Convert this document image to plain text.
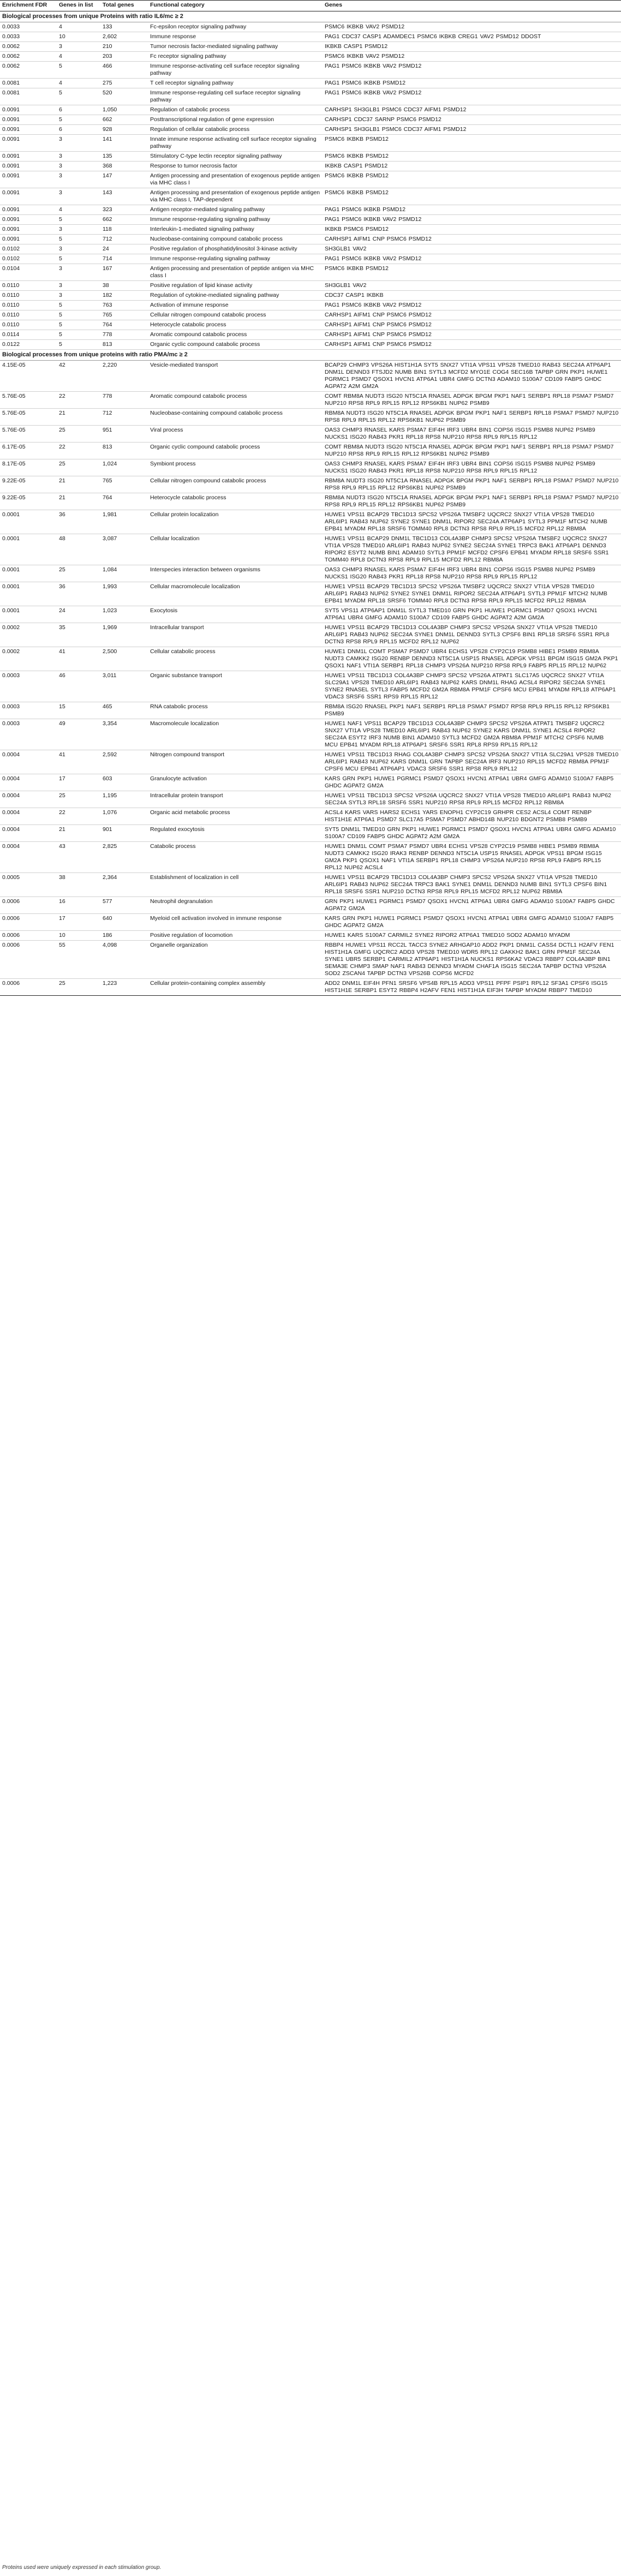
Enrichment FDR	Genes in list	Total genes	Functional category	Genes
Biological processes from unique Proteins with ratio IL6/mc ≥ 2				
0.0033	4	133	Fc-epsilon receptor signaling pathway	PSMC6 IKBKB VAV2 PSMD12
0.0033	10	2,602	Immune response	PAG1 CDC37 CASP1 ADAMDEC1 PSMC6 IKBKB CREG1 VAV2 PSMD12 DDOST
0.0062	3	210	Tumor necrosis factor-mediated signaling pathway	IKBKB CASP1 PSMD12
0.0062	4	203	Fc receptor signaling pathway	PSMC6 IKBKB VAV2 PSMD12
0.0062	5	466	Immune response-activating cell surface receptor signaling pathway	PAG1 PSMC6 IKBKB VAV2 PSMD12
0.0081	4	275	T cell receptor signaling pathway	PAG1 PSMC6 IKBKB PSMD12
0.0081	5	520	Immune response-regulating cell surface receptor signaling pathway	PAG1 PSMC6 IKBKB VAV2 PSMD12
0.0091	6	1,050	Regulation of catabolic process	CARHSP1 SH3GLB1 PSMC6 CDC37 AIFM1 PSMD12
0.0091	5	662	Posttranscriptional regulation of gene expression	CARHSP1 CDC37 SARNP PSMC6 PSMD12
0.0091	6	928	Regulation of cellular catabolic process	CARHSP1 SH3GLB1 PSMC6 CDC37 AIFM1 PSMD12
0.0091	3	141	Innate immune response activating cell surface receptor signaling pathway	PSMC6 IKBKB PSMD12
0.0091	3	135	Stimulatory C-type lectin receptor signaling pathway	PSMC6 IKBKB PSMD12
0.0091	3	368	Response to tumor necrosis factor	IKBKB CASP1 PSMD12
0.0091	3	147	Antigen processing and presentation of exogenous peptide antigen via MHC class I	PSMC6 IKBKB PSMD12
0.0091	3	143	Antigen processing and presentation of exogenous peptide antigen via MHC class I, TAP-dependent	PSMC6 IKBKB PSMD12
0.0091	4	323	Antigen receptor-mediated signaling pathway	PAG1 PSMC6 IKBKB PSMD12
0.0091	5	662	Immune response-regulating signaling pathway	PAG1 PSMC6 IKBKB VAV2 PSMD12
0.0091	3	118	Interleukin-1-mediated signaling pathway	IKBKB PSMC6 PSMD12
0.0091	5	712	Nucleobase-containing compound catabolic process	CARHSP1 AIFM1 CNP PSMC6 PSMD12
0.0102	3	24	Positive regulation of phosphatidylinositol 3-kinase activity	SH3GLB1 VAV2
0.0102	5	714	Immune response-regulating signaling pathway	PAG1 PSMC6 IKBKB VAV2 PSMD12
0.0104	3	167	Antigen processing and presentation of peptide antigen via MHC class I	PSMC6 IKBKB PSMD12
0.0110	3	38	Positive regulation of lipid kinase activity	SH3GLB1 VAV2
0.0110	3	182	Regulation of cytokine-mediated signaling pathway	CDC37 CASP1 IKBKB
0.0110	5	763	Activation of immune response	PAG1 PSMC6 IKBKB VAV2 PSMD12
0.0110	5	765	Cellular nitrogen compound catabolic process	CARHSP1 AIFM1 CNP PSMC6 PSMD12
0.0110	5	764	Heterocycle catabolic process	CARHSP1 AIFM1 CNP PSMC6 PSMD12
0.0114	5	778	Aromatic compound catabolic process	CARHSP1 AIFM1 CNP PSMC6 PSMD12
0.0122	5	813	Organic cyclic compound catabolic process	CARHSP1 AIFM1 CNP PSMC6 PSMD12
Biological processes from unique proteins with ratio PMA/mc ≥ 2				
4.15E-05	42	2,220	Vesicle-mediated transport	BCAP29 CHMP3 VPS26A HIST1H1A SYT5 SNX27 VTI1A VPS11 VPS28 TMED10 RAB43 SEC24A ATP6AP1 DNM1L DENND3 FTSJD2 NUMB BIN1 SYTL3 MCFD2 MYO1E COG4 SEC16B TAPBP GRN PKP1 HUWE1 PGRMC1 PSMD7 QSOX1 HVCN1 ATP6A1 UBR4 GMFG DCTN3 ADAM10 S100A7 CD109 FABP5 GHDC AGPAT2 A2M GM2A
5.76E-05	22	778	Aromatic compound catabolic process	COMT RBM8A NUDT3 ISG20 NT5C1A RNASEL ADPGK BPGM PKP1 NAF1 SERBP1 RPL18 PSMA7 PSMD7 NUP210 RPS8 RPL9 RPL15 RPL12 RPS6KB1 NUP62 PSMB9
5.76E-05	21	712	Nucleobase-containing compound catabolic process	RBM8A NUDT3 ISG20 NT5C1A RNASEL ADPGK BPGM PKP1 NAF1 SERBP1 RPL18 PSMA7 PSMD7 NUP210 RPS8 RPL9 RPL15 RPL12 RPS6KB1 NUP62 PSMB9
5.76E-05	25	951	Viral process	OAS3 CHMP3 RNASEL KARS PSMA7 EIF4H IRF3 UBR4 BIN1 COPS6 ISG15 PSMB8 NUP62 PSMB9 NUCKS1 ISG20 RAB43 PKR1 RPL18 RPS8 NUP210 RPS8 RPL9 RPL15 RPL12
6.17E-05	22	813	Organic cyclic compound catabolic process	COMT RBM8A NUDT3 ISG20 NT5C1A RNASEL ADPGK BPGM PKP1 NAF1 SERBP1 RPL18 PSMA7 PSMD7 NUP210 RPS8 RPL9 RPL15 RPL12 RPS6KB1 NUP62 PSMB9
8.17E-05	25	1,024	Symbiont process	OAS3 CHMP3 RNASEL KARS PSMA7 EIF4H IRF3 UBR4 BIN1 COPS6 ISG15 PSMB8 NUP62 PSMB9 NUCKS1 ISG20 RAB43 PKR1 RPL18 RPS8 NUP210 RPS8 RPL9 RPL15 RPL12
9.22E-05	21	765	Cellular nitrogen compound catabolic process	RBM8A NUDT3 ISG20 NT5C1A RNASEL ADPGK BPGM PKP1 NAF1 SERBP1 RPL18 PSMA7 PSMD7 NUP210 RPS8 RPL9 RPL15 RPL12 RPS6KB1 NUP62 PSMB9
9.22E-05	21	764	Heterocycle catabolic process	RBM8A NUDT3 ISG20 NT5C1A RNASEL ADPGK BPGM PKP1 NAF1 SERBP1 RPL18 PSMA7 PSMD7 NUP210 RPS8 RPL9 RPL15 RPL12 RPS6KB1 NUP62 PSMB9
0.0001	36	1,981	Cellular protein localization	HUWE1 VPS11 BCAP29 TBC1D13 SPCS2 VPS26A TMSBF2 UQCRC2 SNX27 VTI1A VPS28 TMED10 ARL6IP1 RAB43 NUP62 SYNE2 SYNE1 DNM1L RIPOR2 SEC24A ATP6AP1 SYTL3 PPM1F MTCH2 NUMB EPB41 MYADM RPL18 SRSF6 TOMM40 RPL8 DCTN3 RPS8 RPL9 RPL15 MCFD2 RPL12 RBM8A
0.0001	48	3,087	Cellular localization	HUWE1 VPS11 BCAP29 DNM1L TBC1D13 COL4A3BP CHMP3 SPCS2 VPS26A TMSBF2 UQCRC2 SNX27 VTI1A VPS28 TMED10 ARL6IP1 RAB43 NUP62 SYNE2 SEC24A SYNE1 TRPC3 BAK1 ATP6AP1 DENND3 RIPOR2 ESYT2 NUMB BIN1 ADAM10 SYTL3 PPM1F MCFD2 CPSF6 EPB41 MYADM RPL18 SRSF6 SSR1 TOMM40 RPL8 DCTN3 RPS8 RPL9 RPL15 MCFD2 RPL12 RBM8A
0.0001	25	1,084	Interspecies interaction between organisms	OAS3 CHMP3 RNASEL KARS PSMA7 EIF4H IRF3 UBR4 BIN1 COPS6 ISG15 PSMB8 NUP62 PSMB9 NUCKS1 ISG20 RAB43 PKR1 RPL18 RPS8 NUP210 RPS8 RPL9 RPL15 RPL12
0.0001	36	1,993	Cellular macromolecule localization	HUWE1 VPS11 BCAP29 TBC1D13 SPCS2 VPS26A TMSBF2 UQCRC2 SNX27 VTI1A VPS28 TMED10 ARL6IP1 RAB43 NUP62 SYNE2 SYNE1 DNM1L RIPOR2 SEC24A ATP6AP1 SYTL3 PPM1F MTCH2 NUMB EPB41 MYADM RPL18 SRSF6 TOMM40 RPL8 DCTN3 RPS8 RPL9 RPL15 MCFD2 RPL12 RBM8A
0.0001	24	1,023	Exocytosis	SYT5 VPS11 ATP6AP1 DNM1L SYTL3 TMED10 GRN PKP1 HUWE1 PGRMC1 PSMD7 QSOX1 HVCN1 ATP6A1 UBR4 GMFG ADAM10 S100A7 CD109 FABP5 GHDC AGPAT2 A2M GM2A
0.0002	35	1,969	Intracellular transport	HUWE1 VPS11 BCAP29 TBC1D13 COL4A3BP CHMP3 SPCS2 VPS26A SNX27 VTI1A VPS28 TMED10 ARL6IP1 RAB43 NUP62 SEC24A SYNE1 DNM1L DENND3 SYTL3 CPSF6 BIN1 RPL18 SRSF6 SSR1 RPL8 DCTN3 RPS8 RPL9 RPL15 MCFD2 RPL12 NUP62
0.0002	41	2,500	Cellular catabolic process	HUWE1 DNM1L COMT PSMA7 PSMD7 UBR4 ECHS1 VPS28 CYP2C19 PSMB8 HIBE1 PSMB9 RBM8A NUDT3 CAMKK2 ISG20 RENBP DENND3 NT5C1A USP15 RNASEL ADPGK VPS11 BPGM ISG15 GM2A PKP1 QSOX1 NAF1 VTI1A SERBP1 RPL18 CHMP3 VPS26A NUP210 RPS8 RPL9 FABP5 RPL15 RPL12 NUP62
0.0003	46	3,011	Organic substance transport	HUWE1 VPS11 TBC1D13 COL4A3BP CHMP3 SPCS2 VPS26A ATPAT1 SLC17A5 UQCRC2 SNX27 VTI1A SLC29A1 VPS28 TMED10 ARL6IP1 RAB43 NUP62 KARS DNM1L RHAG ACSL4 RIPOR2 SEC24A SYNE1 SYNE2 RNASEL SYTL3 FABP5 MCFD2 GM2A RBM8A PPM1F CPSF6 MCU EPB41 MYADM RPL18 ATP6AP1 VDAC3 SRSF6 SSR1 RPS9 RPL15 RPL12
0.0003	15	465	RNA catabolic process	RBM8A ISG20 RNASEL PKP1 NAF1 SERBP1 RPL18 PSMA7 PSMD7 RPS8 RPL9 RPL15 RPL12 RPS6KB1 PSMB9
0.0003	49	3,354	Macromolecule localization	HUWE1 NAF1 VPS11 BCAP29 TBC1D13 COL4A3BP CHMP3 SPCS2 VPS26A ATPAT1 TMSBF2 UQCRC2 SNX27 VTI1A VPS28 TMED10 ARL6IP1 RAB43 NUP62 SYNE2 KARS DNM1L SYNE1 ACSL4 RIPOR2 SEC24A ESYT2 IRF3 NUMB BIN1 ADAM10 SYTL3 MCFD2 GM2A RBM8A PPM1F MTCH2 CPSF6 NUMB MCU EPB41 MYADM RPL18 ATP6AP1 SRSF6 SSR1 RPL8 RPS9 RPL15 RPL12
0.0004	41	2,592	Nitrogen compound transport	HUWE1 VPS11 TBC1D13 RHAG COL4A3BP CHMP3 SPCS2 VPS26A SNX27 VTI1A SLC29A1 VPS28 TMED10 ARL6IP1 RAB43 NUP62 KARS DNM1L GRN TAPBP SEC24A IRF3 NUP210 RPL15 MCFD2 RBM8A PPM1F CPSF6 MCU EPB41 ATP6AP1 VDAC3 SRSF6 SSR1 RPS8 RPL9 RPL12
0.0004	17	603	Granulocyte activation	KARS GRN PKP1 HUWE1 PGRMC1 PSMD7 QSOX1 HVCN1 ATP6A1 UBR4 GMFG ADAM10 S100A7 FABP5 GHDC AGPAT2 GM2A
0.0004	25	1,195	Intracellular protein transport	HUWE1 VPS11 TBC1D13 SPCS2 VPS26A UQCRC2 SNX27 VTI1A VPS28 TMED10 ARL6IP1 RAB43 NUP62 SEC24A SYTL3 RPL18 SRSF6 SSR1 NUP210 RPS8 RPL9 RPL15 MCFD2 RPL12 RBM8A
0.0004	22	1,076	Organic acid metabolic process	ACSL4 KARS VARS HARS2 ECHS1 YARS ENOPH1 CYP2C19 GRHPR CES2 ACSL4 COMT RENBP HIST1H1E ATP6A1 PSMD7 SLC17A5 PSMA7 PSMD7 ABHD14B NUP210 BDGNT2 PSMB8 PSMB9
0.0004	21	901	Regulated exocytosis	SYT5 DNM1L TMED10 GRN PKP1 HUWE1 PGRMC1 PSMD7 QSOX1 HVCN1 ATP6A1 UBR4 GMFG ADAM10 S100A7 CD109 FABP5 GHDC AGPAT2 A2M GM2A
0.0004	43	2,825	Catabolic process	HUWE1 DNM1L COMT PSMA7 PSMD7 UBR4 ECHS1 VPS28 CYP2C19 PSMB8 HIBE1 PSMB9 RBM8A NUDT3 CAMKK2 ISG20 IRAK3 RENBP DENND3 NT5C1A USP15 RNASEL ADPGK VPS11 BPGM ISG15 GM2A PKP1 QSOX1 NAF1 VTI1A SERBP1 RPL18 CHMP3 VPS26A NUP210 RPS8 RPL9 FABP5 RPL15 RPL12 NUP62 ACSL4
0.0005	38	2,364	Establishment of localization in cell	HUWE1 VPS11 BCAP29 TBC1D13 COL4A3BP CHMP3 SPCS2 VPS26A SNX27 VTI1A VPS28 TMED10 ARL6IP1 RAB43 NUP62 SEC24A TRPC3 BAK1 SYNE1 DNM1L DENND3 NUMB BIN1 SYTL3 CPSF6 BIN1 RPL18 SRSF6 SSR1 NUP210 DCTN3 RPS8 RPL9 RPL15 MCFD2 RPL12 NUP62 RBM8A
0.0006	16	577	Neutrophil degranulation	GRN PKP1 HUWE1 PGRMC1 PSMD7 QSOX1 HVCN1 ATP6A1 UBR4 GMFG ADAM10 S100A7 FABP5 GHDC AGPAT2 GM2A
0.0006	17	640	Myeloid cell activation involved in immune response	KARS GRN PKP1 HUWE1 PGRMC1 PSMD7 QSOX1 HVCN1 ATP6A1 UBR4 GMFG ADAM10 S100A7 FABP5 GHDC AGPAT2 GM2A
0.0006	10	186	Positive regulation of locomotion	HUWE1 KARS S100A7 CARMIL2 SYNE2 RIPOR2 ATP6A1 TMED10 SOD2 ADAM10 MYADM
0.0006	55	4,098	Organelle organization	RBBP4 HUWE1 VPS11 RCC2L TACC3 SYNE2 ARHGAP10 ADD2 PKP1 DNM1L CASS4 DCTL1 H2AFV FEN1 HIST1H1A GMFG UQCRC2 ADD3 VPS28 TMED10 WDR5 RPL12 GAKKH2 BAK1 GRN PPM1F SEC24A SYNE1 UBR5 SERBP1 CARMIL2 ATP6AP1 HIST1H1A NUCKS1 RPS6KA2 VDAC3 RBBP7 COL4A3BP BIN1 SEMA3E CHMP3 SMAP NAF1 RAB43 DENND3 MYADM CHAF1A ISG15 SEC24A TAPBP DCTN3 VPS26A SOD2 ZSCAN4 TAPBP DCTN3 VPS26B COPS6 MCFD2
0.0006	25	1,223	Cellular protein-containing complex assembly	ADD2 DNM1L EIF4H PFN1 SRSF6 VPS4B RPL15 ADD3 VPS11 PFPF PSIP1 RPL12 SF3A1 CPSF6 ISG15 HIST1H1E SERBP1 ESYT2 RBBP4 H2AFV FEN1 HIST1H1A EIF3H TAPBP MYADM RBBP7 TMED10
Proteins used were uniquely expressed in each stimulation group.
